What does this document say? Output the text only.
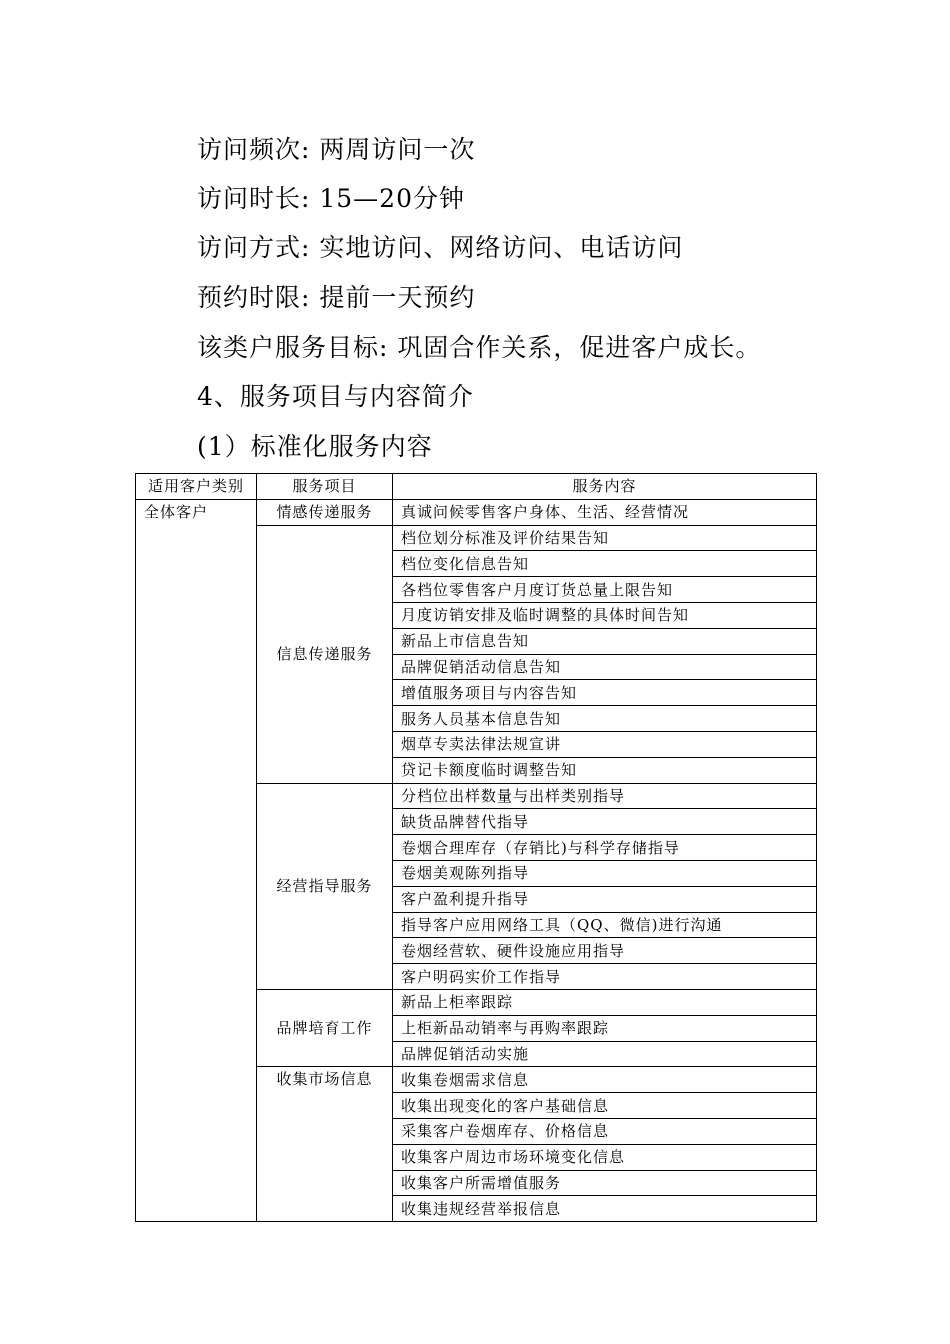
访问频次: 两周访问一次
访问时长: 15—20分钟
访问方式: 实地访问、网络访问、电话访问
预约时限: 提前一天预约
该类户服务目标: 巩固合作关系，促进客户成长。
4、服务项目与内容简介
(1）标准化服务内容
适用客户类别	服务项目	服务内容
全体客户	情感传递服务	真诚问候零售客户身体、生活、经营情况
	信息传递服务	档位划分标准及评价结果告知
		档位变化信息告知
		各档位零售客户月度订货总量上限告知
		月度访销安排及临时调整的具体时间告知
		新品上市信息告知
		品牌促销活动信息告知
		增值服务项目与内容告知
		服务人员基本信息告知
		烟草专卖法律法规宣讲
		贷记卡额度临时调整告知
	经营指导服务	分档位出样数量与出样类别指导
		缺货品牌替代指导
		卷烟合理库存（存销比)与科学存储指导
		卷烟美观陈列指导
		客户盈利提升指导
		指导客户应用网络工具（QQ、微信)进行沟通
		卷烟经营软、硬件设施应用指导
		客户明码实价工作指导
	品牌培育工作	新品上柜率跟踪
		上柜新品动销率与再购率跟踪
		品牌促销活动实施
	收集市场信息	收集卷烟需求信息
		收集出现变化的客户基础信息
		采集客户卷烟库存、价格信息
		收集客户周边市场环境变化信息
		收集客户所需增值服务
		收集违规经营举报信息
